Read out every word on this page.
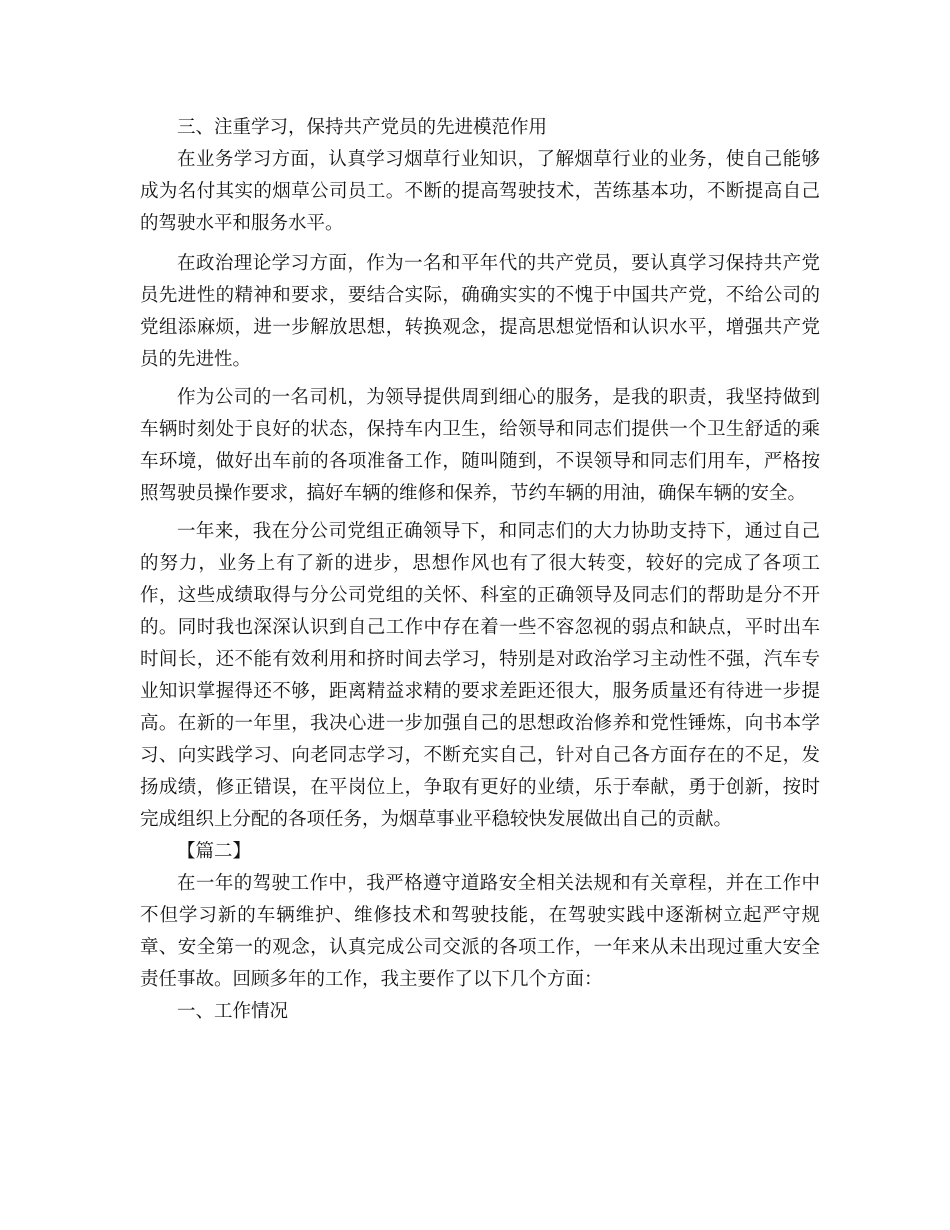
三、注重学习，保持共产党员的先进模范作用

在业务学习方面，认真学习烟草行业知识，了解烟草行业的业务，使自己能够成为名付其实的烟草公司员工。不断的提高驾驶技术，苦练基本功，不断提高自己的驾驶水平和服务水平。

在政治理论学习方面，作为一名和平年代的共产党员，要认真学习保持共产党员先进性的精神和要求，要结合实际，确确实实的不愧于中国共产党，不给公司的党组添麻烦，进一步解放思想，转换观念，提高思想觉悟和认识水平，增强共产党员的先进性。

作为公司的一名司机，为领导提供周到细心的服务，是我的职责，我坚持做到车辆时刻处于良好的状态，保持车内卫生，给领导和同志们提供一个卫生舒适的乘车环境，做好出车前的各项准备工作，随叫随到，不误领导和同志们用车，严格按照驾驶员操作要求，搞好车辆的维修和保养，节约车辆的用油，确保车辆的安全。

一年来，我在分公司党组正确领导下，和同志们的大力协助支持下，通过自己的努力，业务上有了新的进步，思想作风也有了很大转变，较好的完成了各项工作，这些成绩取得与分公司党组的关怀、科室的正确领导及同志们的帮助是分不开的。同时我也深深认识到自己工作中存在着一些不容忽视的弱点和缺点，平时出车时间长，还不能有效利用和挤时间去学习，特别是对政治学习主动性不强，汽车专业知识掌握得还不够，距离精益求精的要求差距还很大，服务质量还有待进一步提高。在新的一年里，我决心进一步加强自己的思想政治修养和党性锤炼，向书本学习、向实践学习、向老同志学习，不断充实自己，针对自己各方面存在的不足，发扬成绩，修正错误，在平岗位上，争取有更好的业绩，乐于奉献，勇于创新，按时完成组织上分配的各项任务，为烟草事业平稳较快发展做出自己的贡献。

【篇二】

在一年的驾驶工作中，我严格遵守道路安全相关法规和有关章程，并在工作中不但学习新的车辆维护、维修技术和驾驶技能，在驾驶实践中逐渐树立起严守规章、安全第一的观念，认真完成公司交派的各项工作，一年来从未出现过重大安全责任事故。回顾多年的工作，我主要作了以下几个方面：

一、工作情况
